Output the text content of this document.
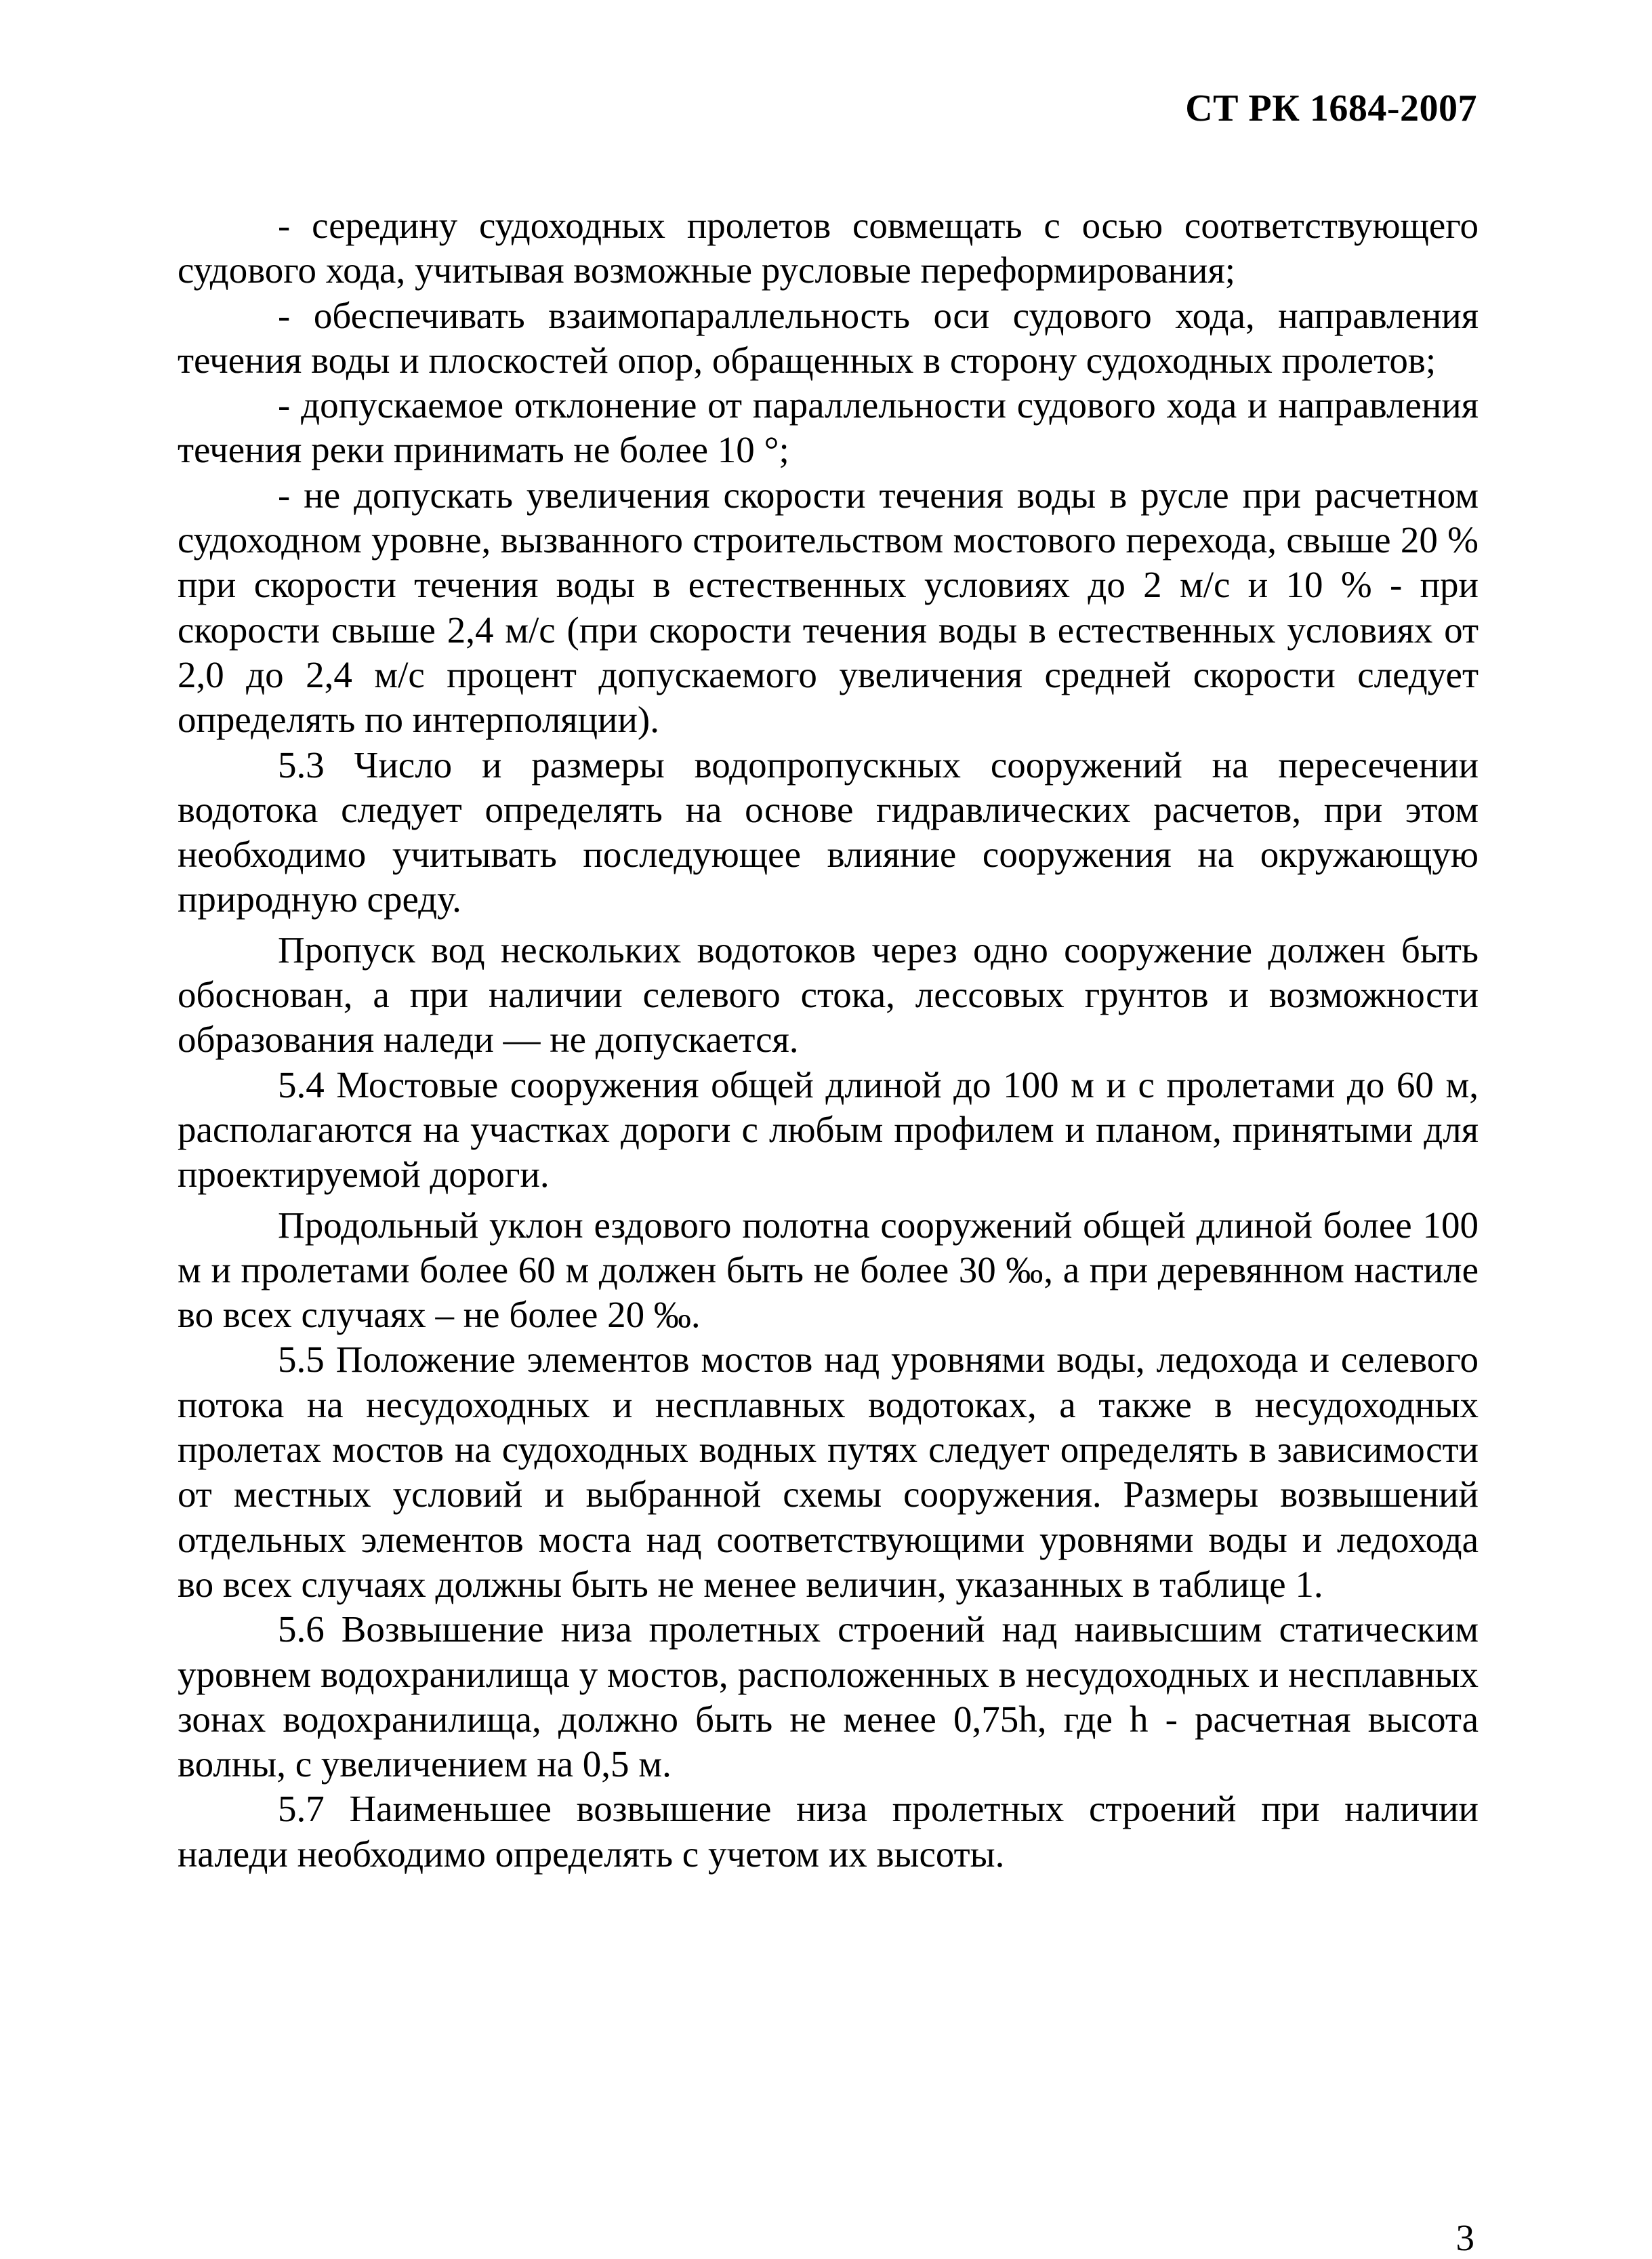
СТ РК 1684-2007

- середину судоходных пролетов совмещать с осью соответствующего судового хода, учитывая возможные русловые переформирования;

- обеспечивать взаимопараллельность оси судового хода, направления течения воды и плоскостей опор, обращенных в сторону судоходных пролетов;

- допускаемое отклонение от параллельности судового хода и направления течения реки принимать не более 10 °;

- не допускать увеличения скорости течения воды в русле при расчетном судоходном уровне, вызванного строительством мостового перехода, свыше 20 % при скорости течения воды в естественных условиях до 2 м/с и 10 % - при скорости свыше 2,4 м/с (при скорости течения воды в естественных условиях от 2,0 до 2,4 м/с процент допускаемого увеличения средней скорости следует определять по интерполяции).

5.3 Число и размеры водопропускных сооружений на пересечении водотока следует определять на основе гидравлических расчетов, при этом необходимо учитывать последующее влияние сооружения на окружающую природную среду.

Пропуск вод нескольких водотоков через одно сооружение должен быть обоснован, а при наличии селевого стока, лессовых грунтов и возможности образования наледи — не допускается.

5.4 Мостовые сооружения общей длиной до 100 м и с пролетами до 60 м, располагаются на участках дороги с любым профилем и планом, принятыми для проектируемой дороги.

Продольный уклон ездового полотна сооружений общей длиной более 100 м и пролетами более 60 м должен быть не более 30 ‰, а при деревянном настиле во всех случаях – не более 20 ‰.

5.5 Положение элементов мостов над уровнями воды, ледохода и селевого потока на несудоходных и несплавных водотоках, а также в несудоходных пролетах мостов на судоходных водных путях следует определять в зависимости от местных условий и выбранной схемы сооружения. Размеры возвышений отдельных элементов моста над соответствующими уровнями воды и ледохода во всех случаях должны быть не менее величин, указанных в таблице 1.

5.6 Возвышение низа пролетных строений над наивысшим статическим уровнем водохранилища у мостов, расположенных в несудоходных и несплавных зонах водохранилища, должно быть не менее 0,75h, где h - расчетная высота волны, с увеличением на 0,5 м.

5.7 Наименьшее возвышение низа пролетных строений при наличии наледи необходимо определять с учетом их высоты.

3
